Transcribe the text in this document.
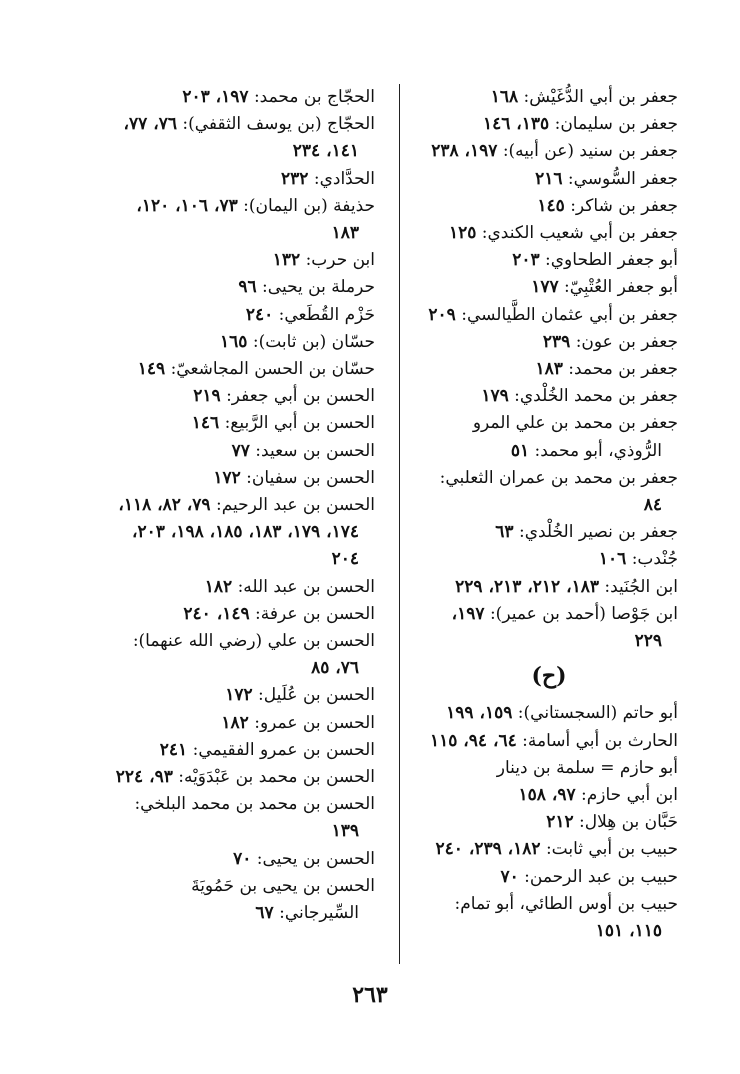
جعفر بن أبي الدُّغَيْش: ١٦٨
جعفر بن سليمان: ١٣٥، ١٤٦
جعفر بن سنيد (عن أبيه): ١٩٧، ٢٣٨
جعفر السُّوسي: ٢١٦
جعفر بن شاكر: ١٤٥
جعفر بن أبي شعيب الكندي: ١٢٥
أبو جعفر الطحاوي: ٢٠٣
أبو جعفر العُتْبِيّ: ١٧٧
جعفر بن أبي عثمان الطَّيالسي: ٢٠٩
جعفر بن عون: ٢٣٩
جعفر بن محمد: ١٨٣
جعفر بن محمد الخُلْدي: ١٧٩
جعفر بن محمد بن علي المرو الرُّوذي، أبو محمد: ٥١
جعفر بن محمد بن عمران الثعلبي: ٨٤
جعفر بن نصير الخُلْدي: ٦٣
جُنْدب: ١٠٦
ابن الجُنَيد: ١٨٣، ٢١٢، ٢١٣، ٢٢٩
ابن جَوْصا (أحمد بن عمير): ١٩٧، ٢٢٩
(ح)
أبو حاتم (السجستاني): ١٥٩، ١٩٩
الحارث بن أبي أسامة: ٦٤، ٩٤، ١١٥
أبو حازم = سلمة بن دينار
ابن أبي حازم: ٩٧، ١٥٨
حَبَّان بن هِلال: ٢١٢
حبيب بن أبي ثابت: ١٨٢، ٢٣٩، ٢٤٠
حبيب بن عبد الرحمن: ٧٠
حبيب بن أوس الطائي، أبو تمام: ١١٥، ١٥١
الحجّاج بن محمد: ١٩٧، ٢٠٣
الحجّاج (بن يوسف الثقفي): ٧٦، ٧٧، ١٤١، ٢٣٤
الحدَّادي: ٢٣٢
حذيفة (بن اليمان): ٧٣، ١٠٦، ١٢٠، ١٨٣
ابن حرب: ١٣٢
حرملة بن يحيى: ٩٦
حَزْم القُطَعي: ٢٤٠
حسّان (بن ثابت): ١٦٥
حسّان بن الحسن المجاشعيّ: ١٤٩
الحسن بن أبي جعفر: ٢١٩
الحسن بن أبي الرَّبيع: ١٤٦
الحسن بن سعيد: ٧٧
الحسن بن سفيان: ١٧٢
الحسن بن عبد الرحيم: ٧٩، ٨٢، ١١٨، ١٧٤، ١٧٩، ١٨٣، ١٨٥، ١٩٨، ٢٠٣، ٢٠٤
الحسن بن عبد الله: ١٨٢
الحسن بن عرفة: ١٤٩، ٢٤٠
الحسن بن علي (رضي الله عنهما): ٧٦، ٨٥
الحسن بن عُلَيل: ١٧٢
الحسن بن عمرو: ١٨٢
الحسن بن عمرو الفقيمي: ٢٤١
الحسن بن محمد بن عَبْدَوَيْه: ٩٣، ٢٢٤
الحسن بن محمد بن محمد البلخي: ١٣٩
الحسن بن يحيى: ٧٠
الحسن بن يحيى بن حَمُويَةَ السِّيرجاني: ٦٧
٢٦٣
